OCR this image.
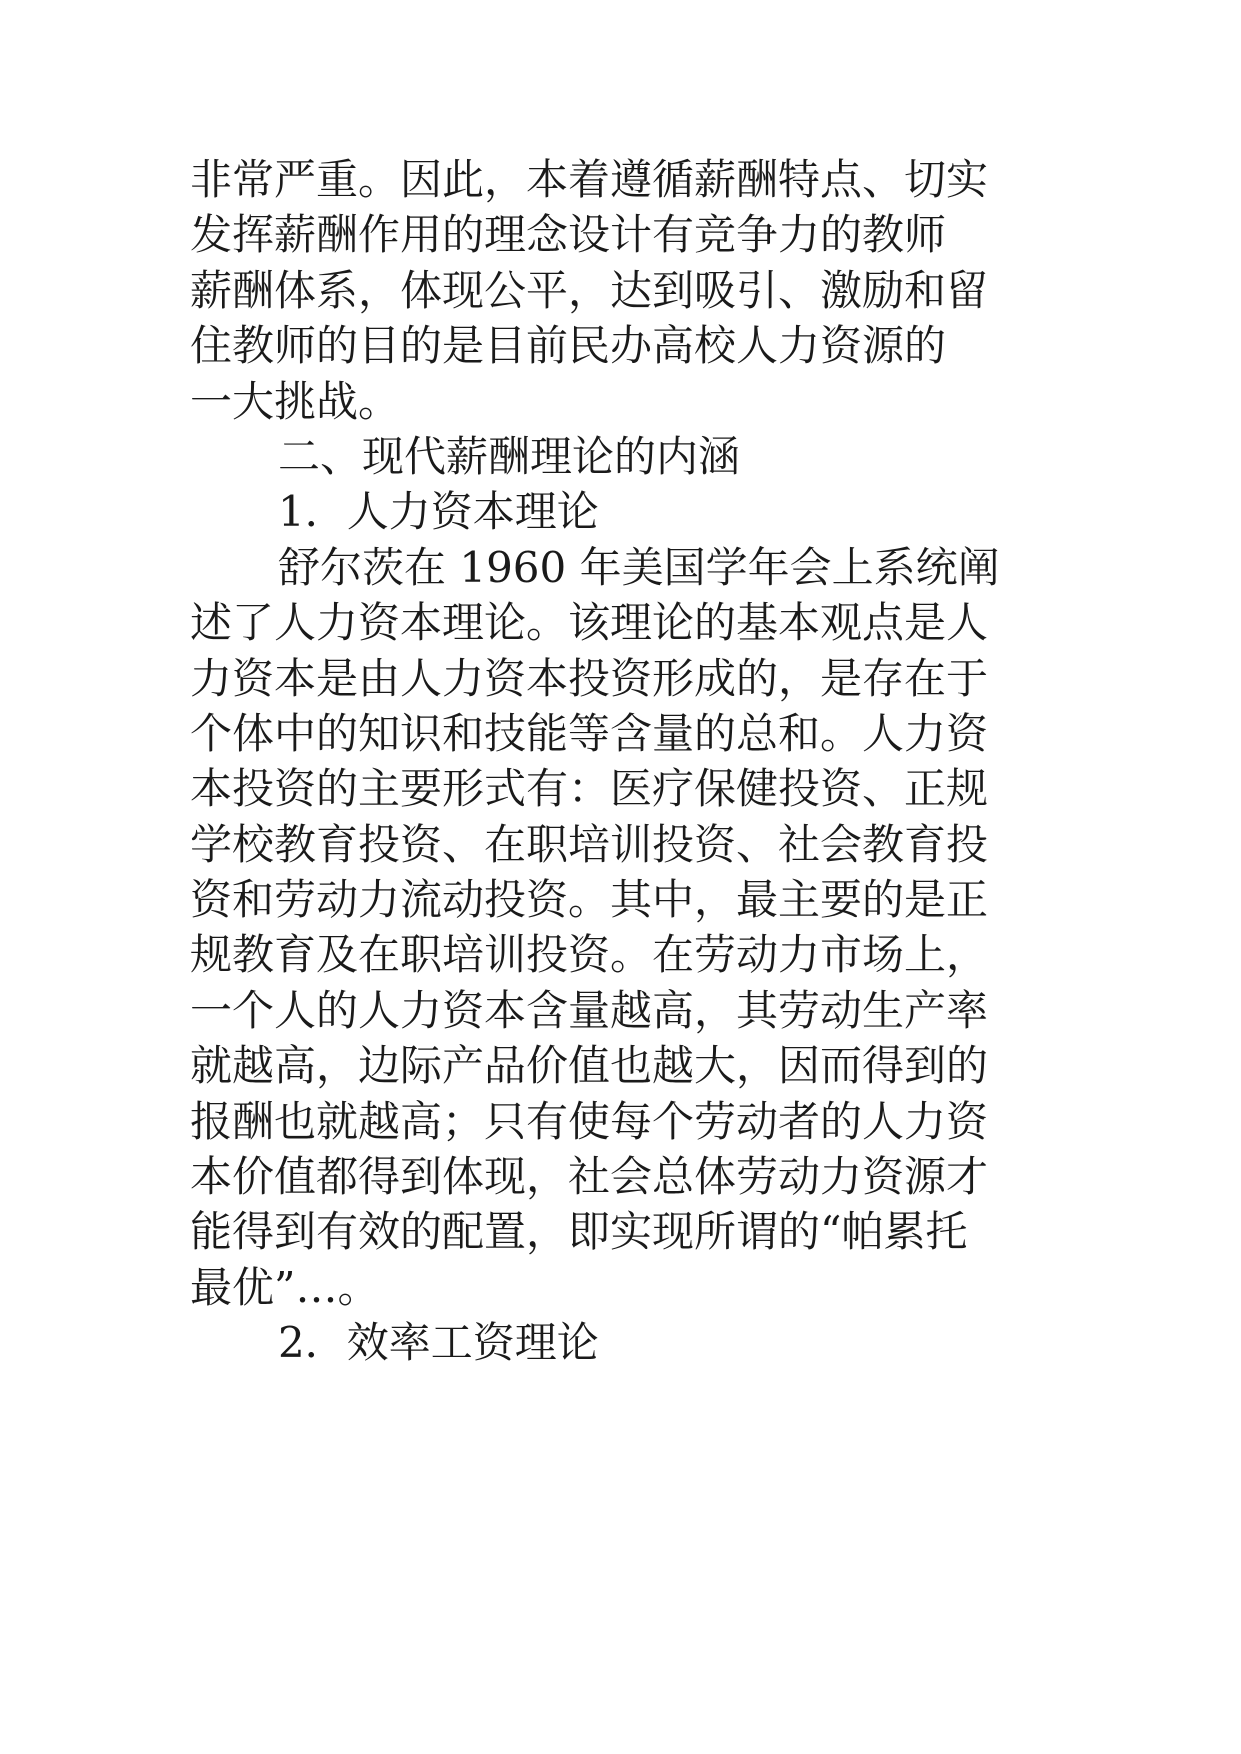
非常严重。因此，本着遵循薪酬特点、切实
发挥薪酬作用的理念设计有竞争力的教师
薪酬体系，体现公平，达到吸引、激励和留
住教师的目的是目前民办高校人力资源的
一大挑战。
二、现代薪酬理论的内涵
1．人力资本理论
舒尔茨在 1960 年美国学年会上系统阐
述了人力资本理论。该理论的基本观点是人
力资本是由人力资本投资形成的，是存在于
个体中的知识和技能等含量的总和。人力资
本投资的主要形式有：医疗保健投资、正规
学校教育投资、在职培训投资、社会教育投
资和劳动力流动投资。其中，最主要的是正
规教育及在职培训投资。在劳动力市场上，
一个人的人力资本含量越高，其劳动生产率
就越高，边际产品价值也越大，因而得到的
报酬也就越高；只有使每个劳动者的人力资
本价值都得到体现，社会总体劳动力资源才
能得到有效的配置，即实现所谓的“帕累托
最优”…。
2．效率工资理论
